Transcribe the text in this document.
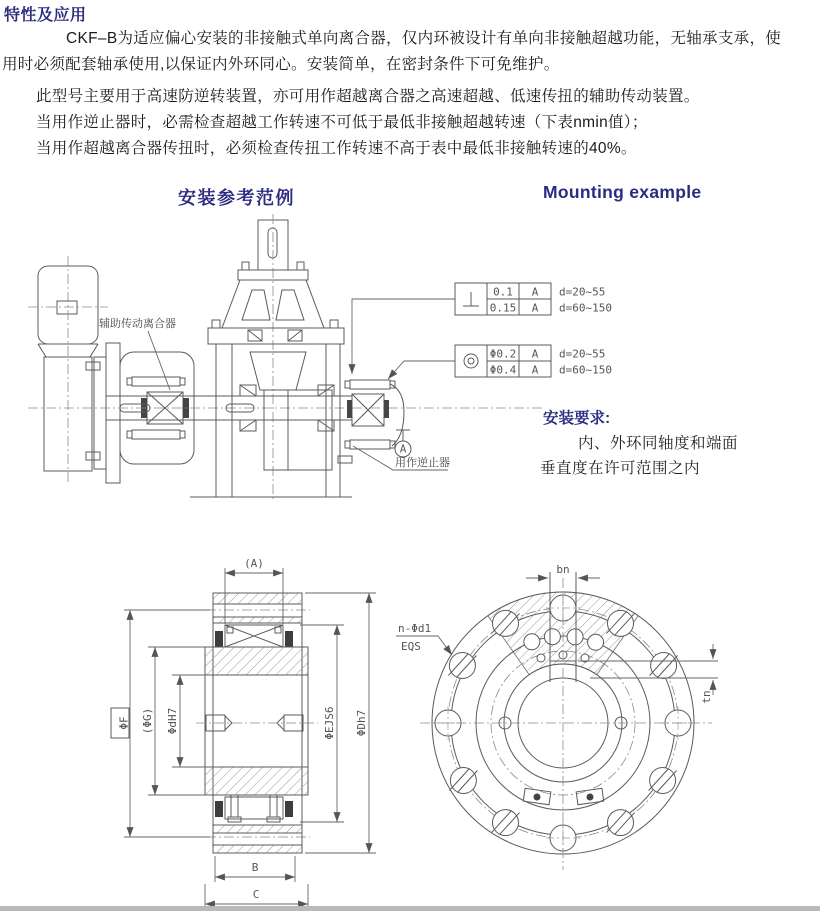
特性及应用
CKF–B为适应偏心安装的非接触式单向离合器，仅内环被设计有单向非接触超越功能，无轴承支承，使
用时必须配套轴承使用,以保证内外环同心。安装简单，在密封条件下可免维护。
此型号主要用于高速防逆转装置，亦可用作超越离合器之高速超越、低速传扭的辅助传动装置。
当用作逆止器时，必需检查超越工作转速不可低于最低非接触超越转速（下表nmin值）；
当用作超越离合器传扭时，必须检查传扭工作转速不高于表中最低非接触转速的40%。
安装参考范例	Mounting example
A
辅助传动离合器
用作逆止器
0.1 A
0.15 A
d=20~55
d=60~150
Φ0.2 A
Φ0.4 A
d=20~55
d=60~150
安装要求:
内、外环同轴度和端面
垂直度在许可范围之内
(A)
ΦF (ΦG) ΦdH7	ΦEJS6 ΦDh7
B
C
bn
tn
n-Φd1
EQS
